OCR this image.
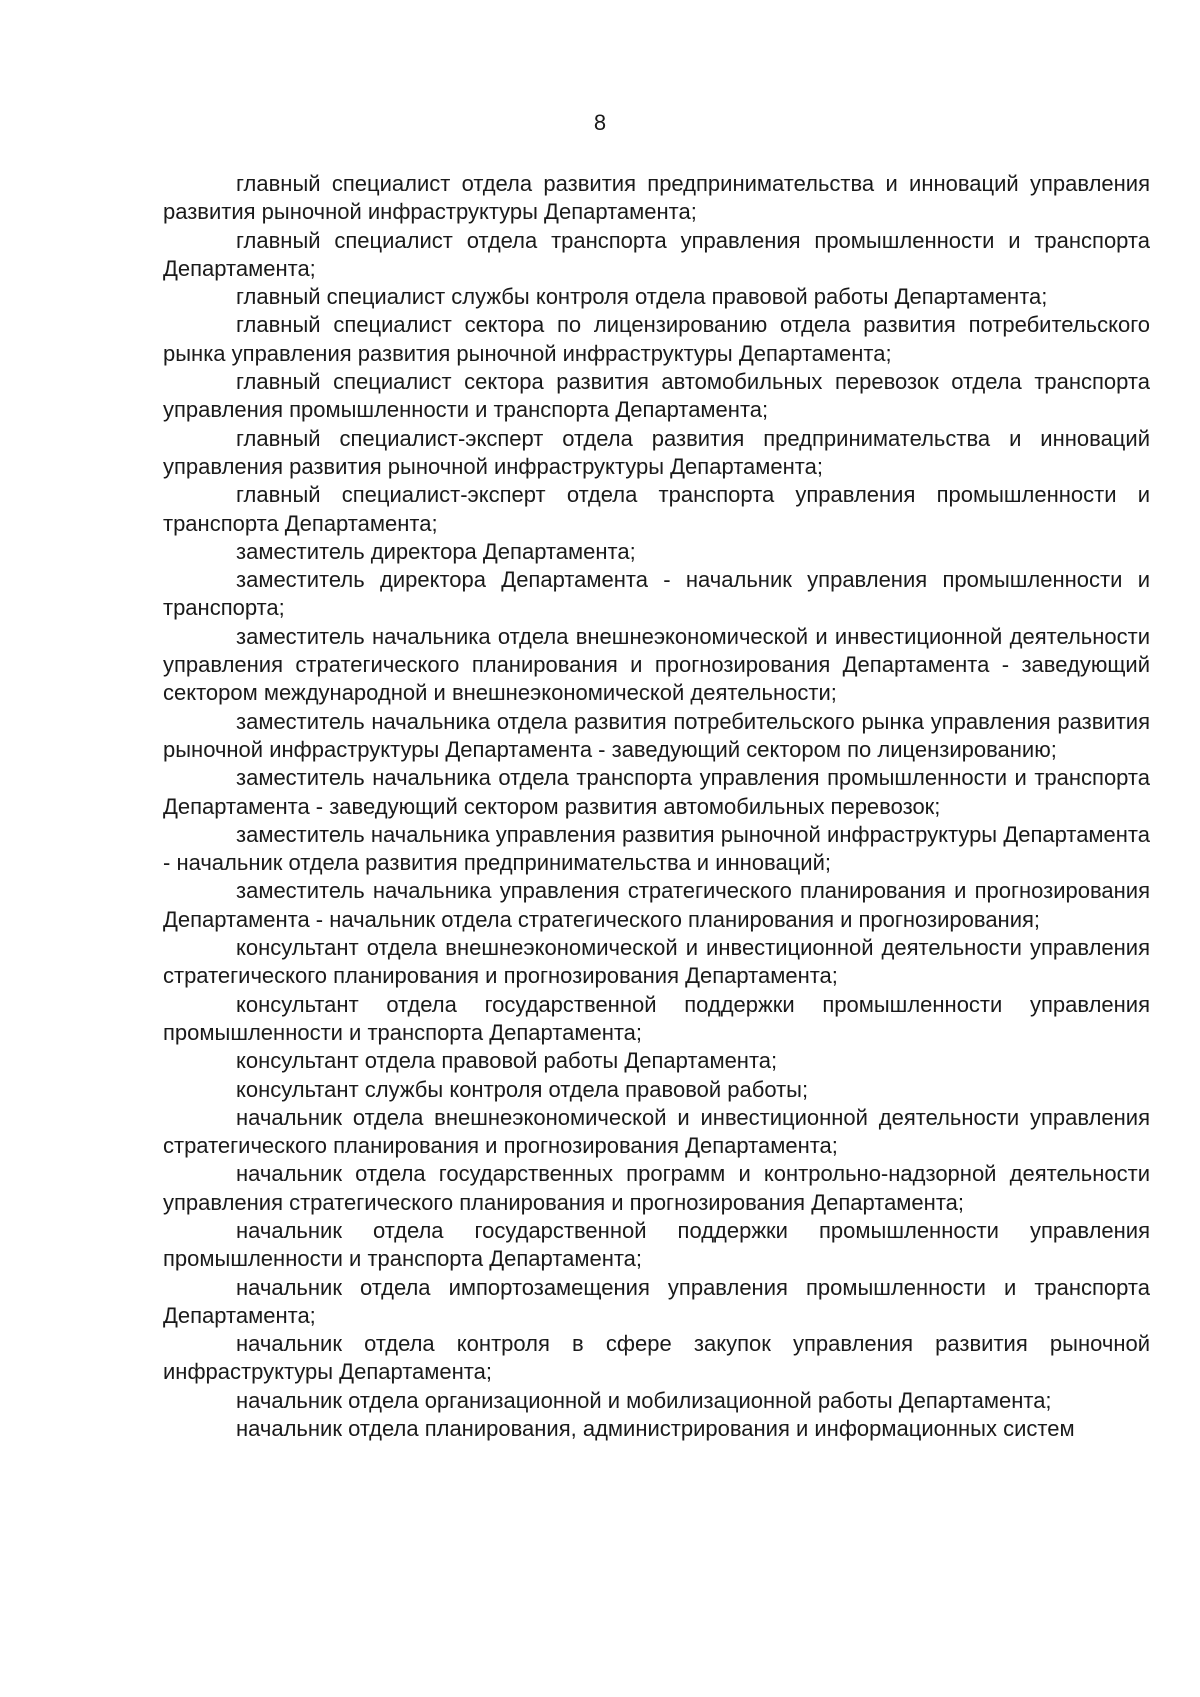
8

главный специалист отдела развития предпринимательства и инноваций управления развития рыночной инфраструктуры Департамента;

главный специалист отдела транспорта управления промышленности и транспорта Департамента;

главный специалист службы контроля отдела правовой работы Департамента;

главный специалист сектора по лицензированию отдела развития потребительского рынка управления развития рыночной инфраструктуры Департамента;

главный специалист сектора развития автомобильных перевозок отдела транспорта управления промышленности и транспорта Департамента;

главный специалист-эксперт отдела развития предпринимательства и инноваций управления развития рыночной инфраструктуры Департамента;

главный специалист-эксперт отдела транспорта управления промышленности и транспорта Департамента;

заместитель директора Департамента;

заместитель директора Департамента - начальник управления промышленности и транспорта;

заместитель начальника отдела внешнеэкономической и инвестиционной деятельности управления стратегического планирования и прогнозирования Департамента - заведующий сектором международной и внешнеэкономической деятельности;

заместитель начальника отдела развития потребительского рынка управления развития рыночной инфраструктуры Департамента - заведующий сектором по лицензированию;

заместитель начальника отдела транспорта управления промышленности и транспорта Департамента - заведующий сектором развития автомобильных перевозок;

заместитель начальника управления развития рыночной инфраструктуры Департамента - начальник отдела развития предпринимательства и инноваций;

заместитель начальника управления стратегического планирования и прогнозирования Департамента - начальник отдела стратегического планирования и прогнозирования;

консультант отдела внешнеэкономической и инвестиционной деятельности управления стратегического планирования и прогнозирования Департамента;

консультант отдела государственной поддержки промышленности управления промышленности и транспорта Департамента;

консультант отдела правовой работы Департамента;

консультант службы контроля отдела правовой работы;

начальник отдела внешнеэкономической и инвестиционной деятельности управления стратегического планирования и прогнозирования Департамента;

начальник отдела государственных программ и контрольно-надзорной деятельности управления стратегического планирования и прогнозирования Департамента;

начальник отдела государственной поддержки промышленности управления промышленности и транспорта Департамента;

начальник отдела импортозамещения управления промышленности и транспорта Департамента;

начальник отдела контроля в сфере закупок управления развития рыночной инфраструктуры Департамента;

начальник отдела организационной и мобилизационной работы Департамента;

начальник отдела планирования, администрирования и информационных систем
